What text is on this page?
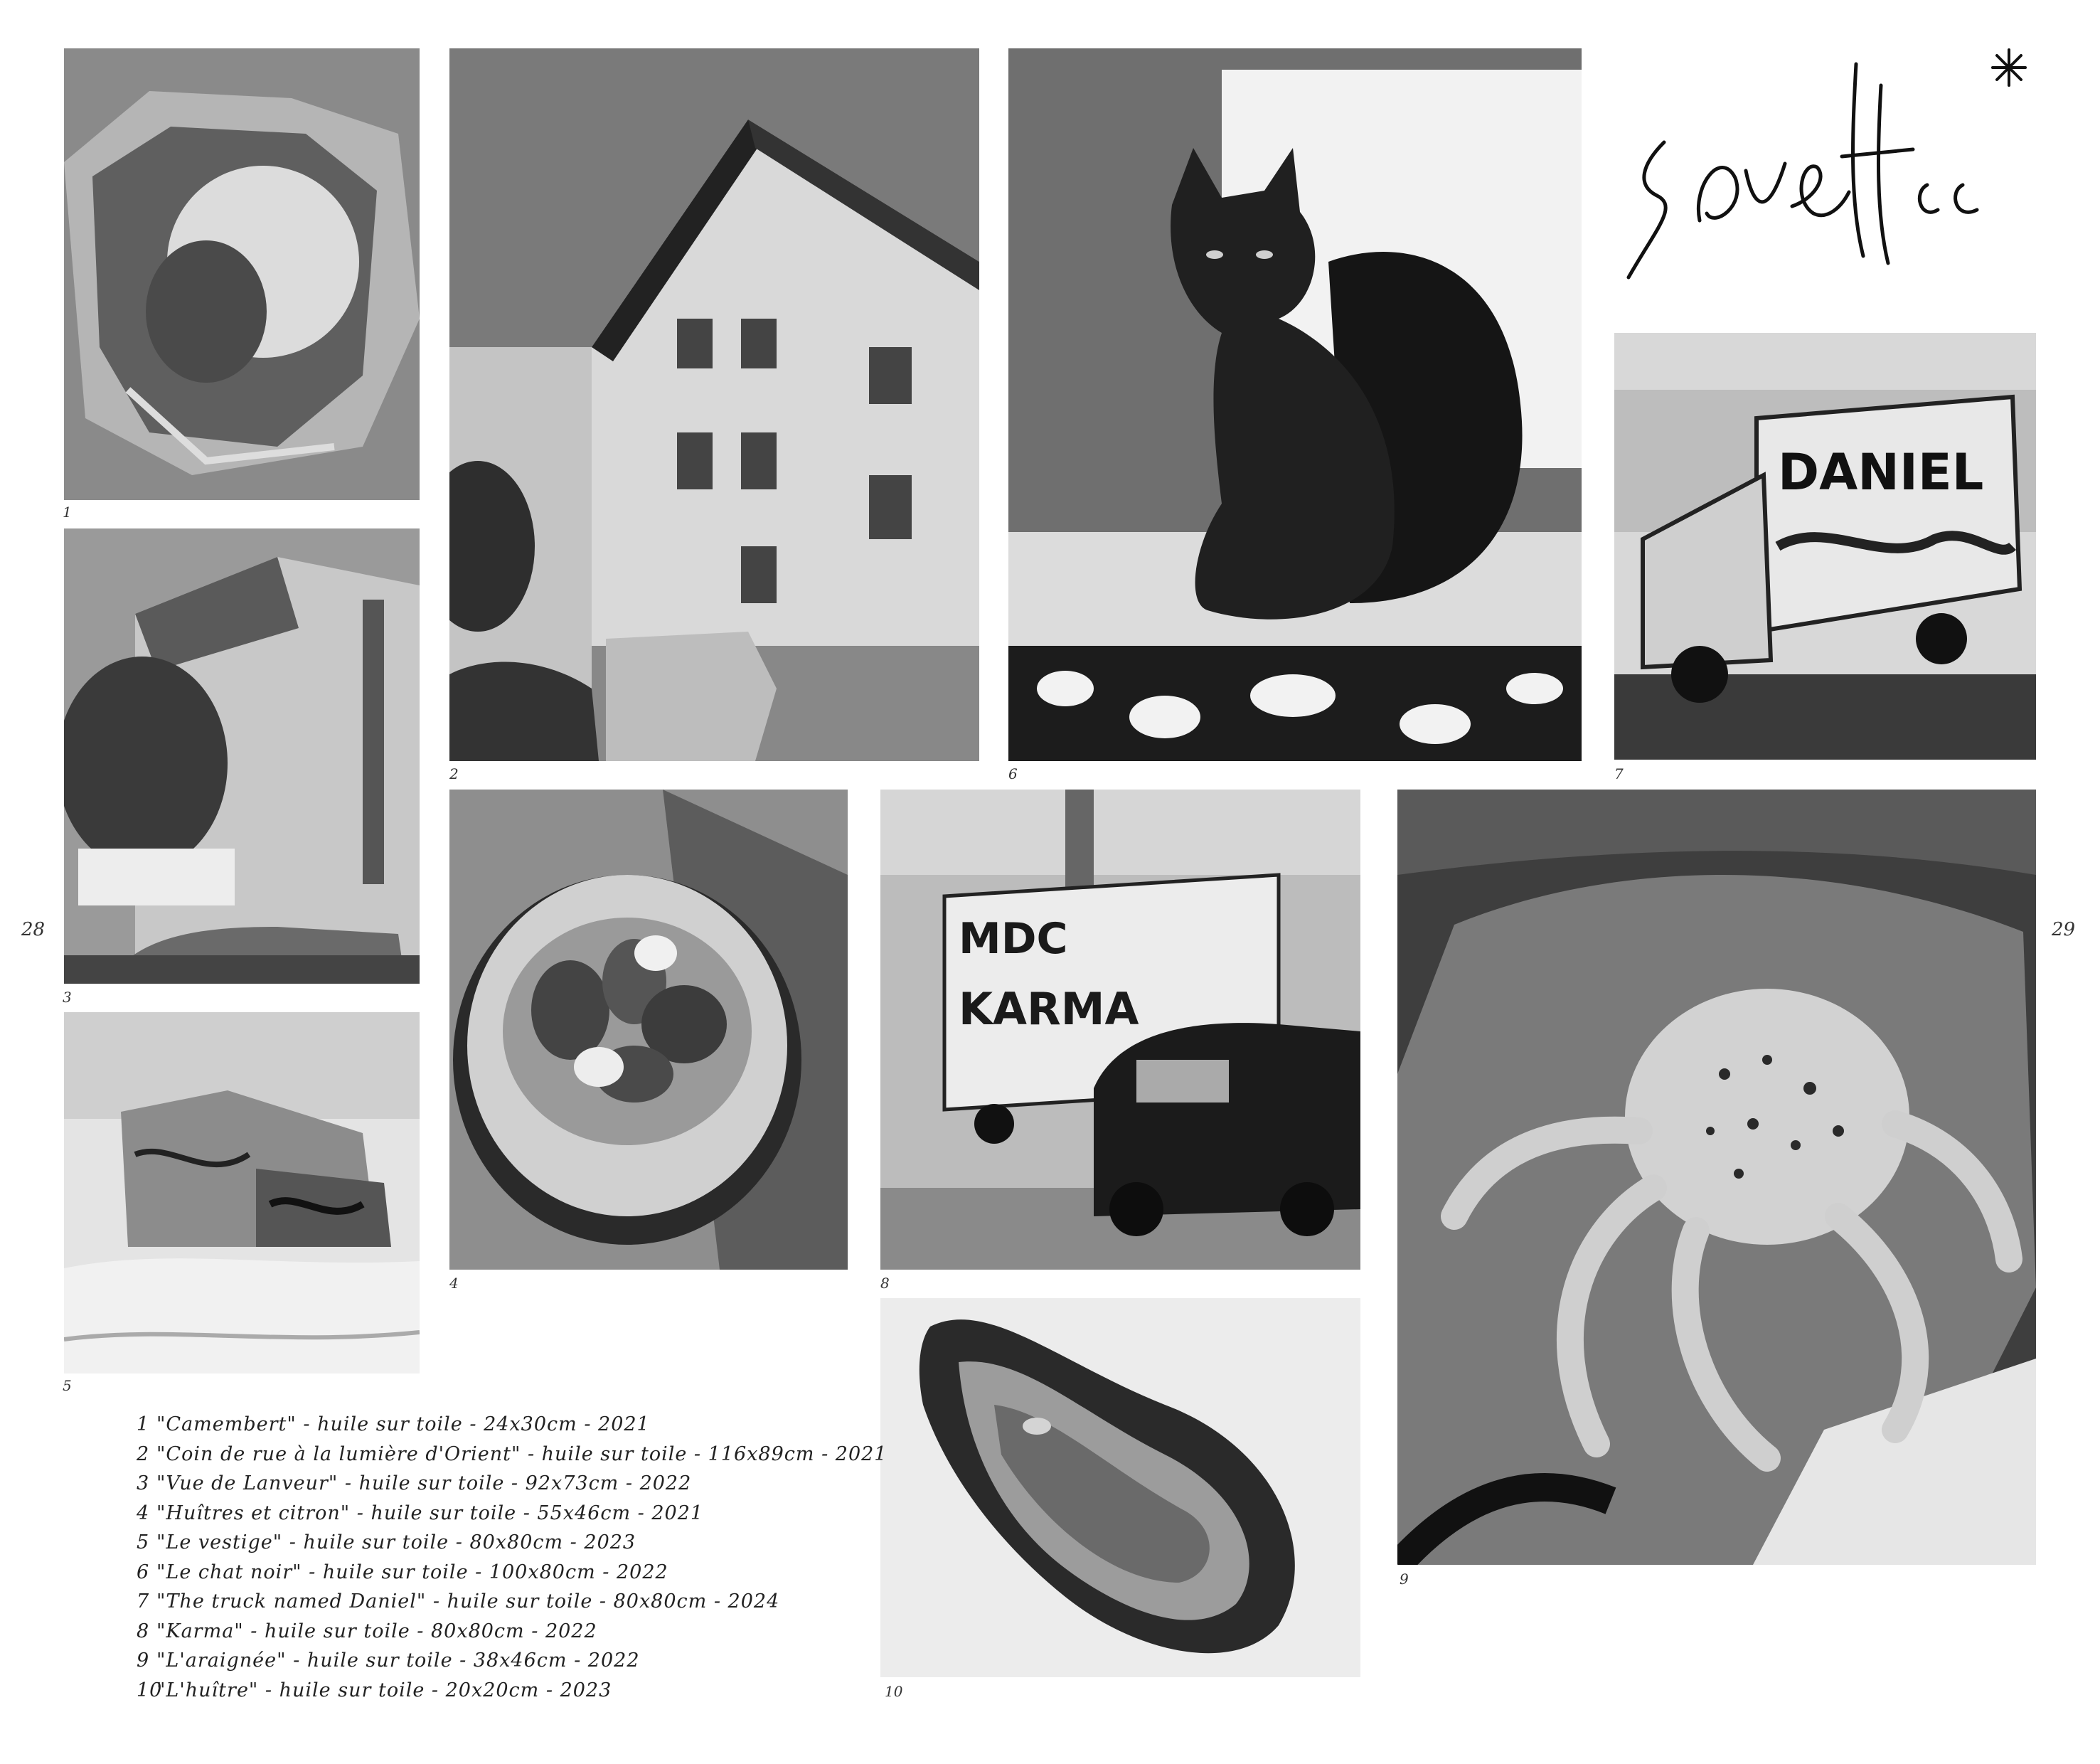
28	29
1
3
5
2	6
DANIEL
7
4
MDC
KARMA
8
10
9
1 "Camembert" - huile sur toile - 24x30cm - 2021
2 "Coin de rue à la lumière d'Orient" - huile sur toile - 116x89cm - 2021
3 "Vue de Lanveur" - huile sur toile - 92x73cm - 2022
4 "Huîtres et citron" - huile sur toile - 55x46cm - 2021
5 "Le vestige" - huile sur toile - 80x80cm - 2023
6 "Le chat noir" - huile sur toile - 100x80cm - 2022
7 "The truck named Daniel" - huile sur toile - 80x80cm - 2024
8 "Karma" - huile sur toile - 80x80cm - 2022
9 "L'araignée" - huile sur toile - 38x46cm - 2022
10"L'huître" - huile sur toile - 20x20cm - 2023
